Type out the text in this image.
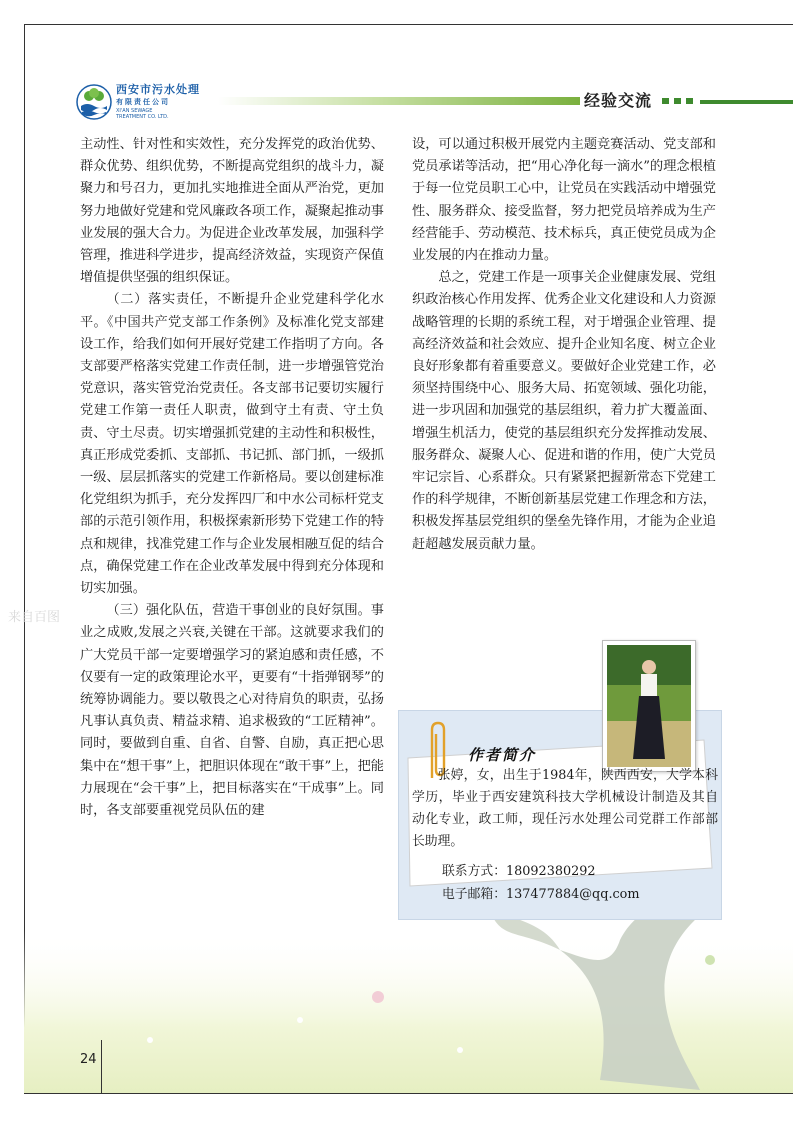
西安市污水处理
有限责任公司
XI'AN SEWAGE
TREATMENT CO. LTD.
经验交流
来自百图

主动性、针对性和实效性，充分发挥党的政治优势、群众优势、组织优势，不断提高党组织的战斗力，凝聚力和号召力，更加扎实地推进全面从严治党，更加努力地做好党建和党风廉政各项工作，凝聚起推动事业发展的强大合力。为促进企业改革发展，加强科学管理，推进科学进步，提高经济效益，实现资产保值增值提供坚强的组织保证。

（二）落实责任，不断提升企业党建科学化水平。《中国共产党支部工作条例》及标准化党支部建设工作，给我们如何开展好党建工作指明了方向。各支部要严格落实党建工作责任制，进一步增强管党治党意识，落实管党治党责任。各支部书记要切实履行党建工作第一责任人职责，做到守土有责、守土负责、守土尽责。切实增强抓党建的主动性和积极性，真正形成党委抓、支部抓、书记抓、部门抓，一级抓一级、层层抓落实的党建工作新格局。要以创建标准化党组织为抓手，充分发挥四厂和中水公司标杆党支部的示范引领作用，积极探索新形势下党建工作的特点和规律，找准党建工作与企业发展相融互促的结合点，确保党建工作在企业改革发展中得到充分体现和切实加强。

（三）强化队伍，营造干事创业的良好氛围。事业之成败,发展之兴衰,关键在干部。这就要求我们的广大党员干部一定要增强学习的紧迫感和责任感，不仅要有一定的政策理论水平，更要有“十指弹钢琴”的统筹协调能力。要以敬畏之心对待肩负的职责，弘扬凡事认真负责、精益求精、追求极致的“工匠精神”。同时，要做到自重、自省、自警、自励，真正把心思集中在“想干事”上，把胆识体现在“敢干事”上，把能力展现在“会干事”上，把目标落实在“干成事”上。同时，各支部要重视党员队伍的建

设，可以通过积极开展党内主题竞赛活动、党支部和党员承诺等活动，把“用心净化每一滴水”的理念根植于每一位党员职工心中，让党员在实践活动中增强党性、服务群众、接受监督，努力把党员培养成为生产经营能手、劳动模范、技术标兵，真正使党员成为企业发展的内在推动力量。

总之，党建工作是一项事关企业健康发展、党组织政治核心作用发挥、优秀企业文化建设和人力资源战略管理的长期的系统工程，对于增强企业管理、提高经济效益和社会效应、提升企业知名度、树立企业良好形象都有着重要意义。要做好企业党建工作，必须坚持围绕中心、服务大局、拓宽领域、强化功能，进一步巩固和加强党的基层组织，着力扩大覆盖面、增强生机活力，使党的基层组织充分发挥推动发展、服务群众、凝聚人心、促进和谐的作用，使广大党员牢记宗旨、心系群众。只有紧紧把握新常态下党建工作的科学规律，不断创新基层党建工作理念和方法，积极发挥基层党组织的堡垒先锋作用，才能为企业追赶超越发展贡献力量。

作者简介

张婷，女，出生于1984年，陕西西安，大学本科学历，毕业于西安建筑科技大学机械设计制造及其自动化专业，政工师，现任污水处理公司党群工作部部长助理。

联系方式：18092380292
电子邮箱：137477884@qq.com
24
